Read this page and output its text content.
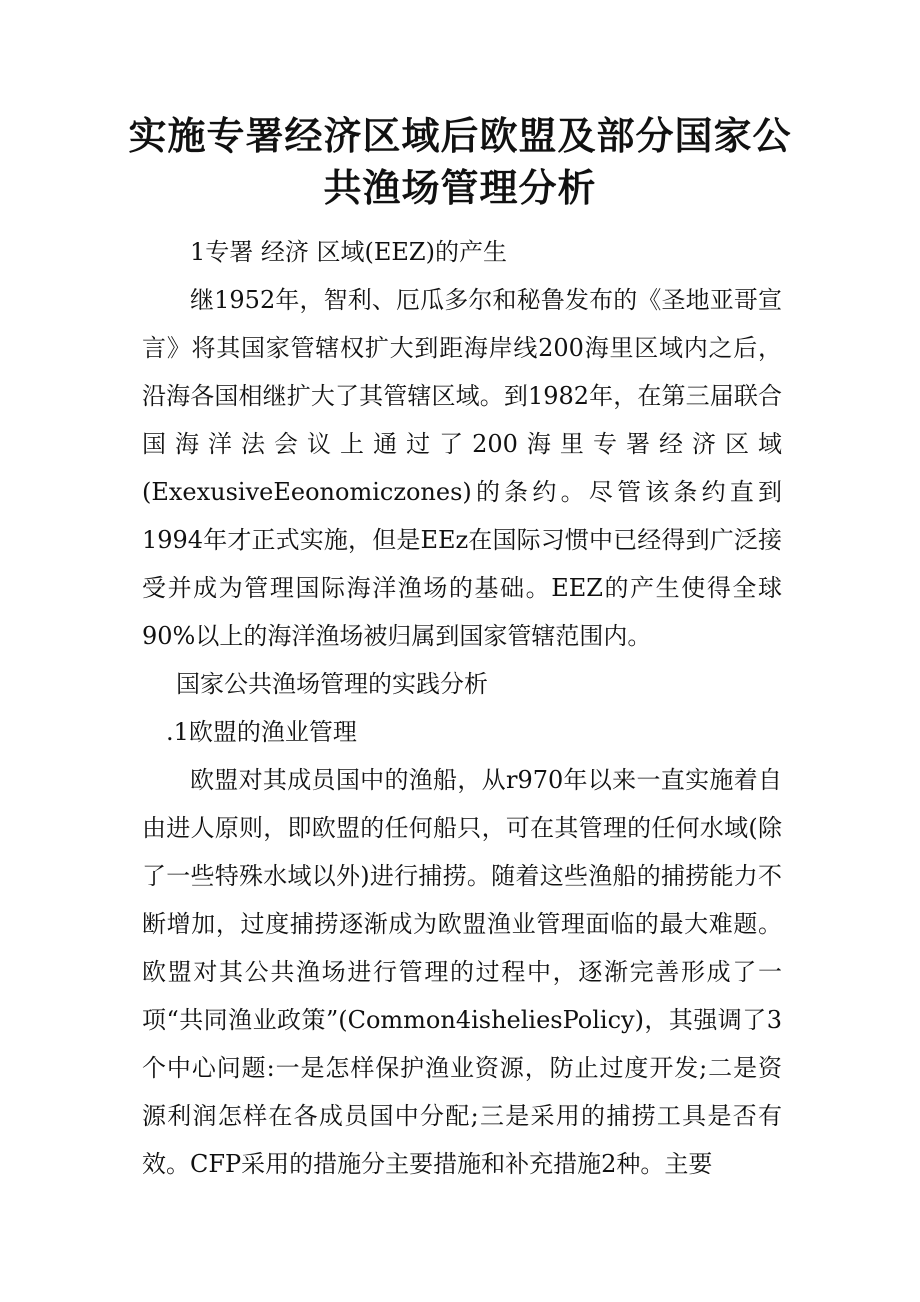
实施专署经济区域后欧盟及部分国家公
共渔场管理分析
1专署 经济 区域(EEZ)的产生

继1952年，智利、厄瓜多尔和秘鲁发布的《圣地亚哥宣言》将其国家管辖权扩大到距海岸线200海里区域内之后，沿海各国相继扩大了其管辖区域。到1982年，在第三届联合国海洋法会议上通过了200海里专署经济区域(ExexusiveEeonomiczones)的条约。尽管该条约直到1994年才正式实施，但是EEz在国际习惯中已经得到广泛接受并成为管理国际海洋渔场的基础。EEZ的产生使得全球90%以上的海洋渔场被归属到国家管辖范围内。

国家公共渔场管理的实践分析
.1欧盟的渔业管理

欧盟对其成员国中的渔船，从r970年以来一直实施着自由进人原则，即欧盟的任何船只，可在其管理的任何水域(除了一些特殊水域以外)进行捕捞。随着这些渔船的捕捞能力不断增加，过度捕捞逐渐成为欧盟渔业管理面临的最大难题。欧盟对其公共渔场进行管理的过程中，逐渐完善形成了一项“共同渔业政策”(Common4isheliesPolicy)，其强调了3个中心问题:一是怎样保护渔业资源，防止过度开发;二是资源利润怎样在各成员国中分配;三是采用的捕捞工具是否有效。CFP采用的措施分主要措施和补充措施2种。主要
